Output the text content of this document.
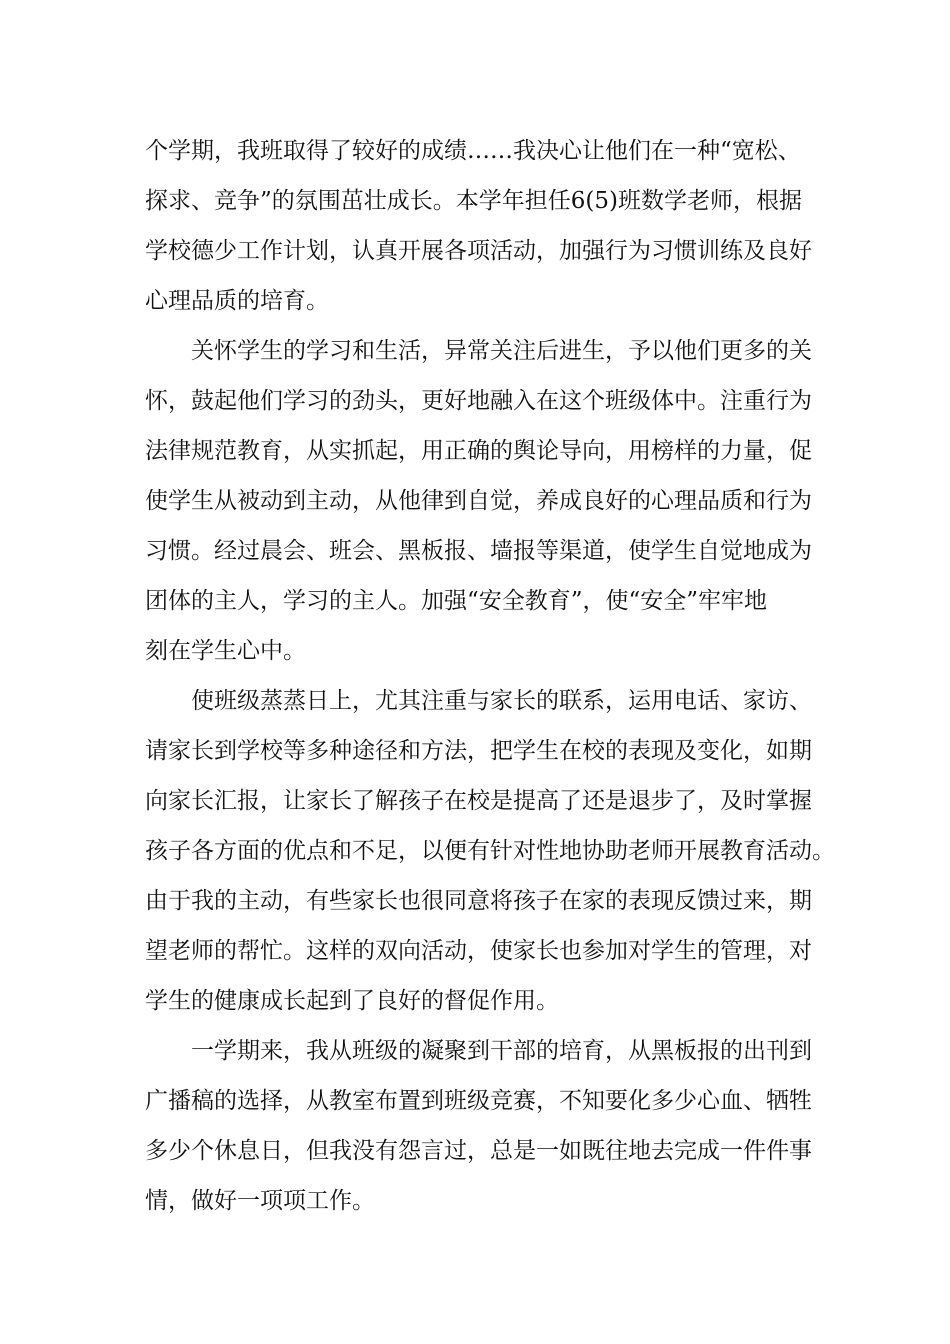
个学期，我班取得了较好的成绩……我决心让他们在一种“宽松、
探求、竞争”的氛围茁壮成长。本学年担任6(5)班数学老师，根据
学校德少工作计划，认真开展各项活动，加强行为习惯训练及良好
心理品质的培育。
　　关怀学生的学习和生活，异常关注后进生，予以他们更多的关
怀，鼓起他们学习的劲头，更好地融入在这个班级体中。注重行为
法律规范教育，从实抓起，用正确的舆论导向，用榜样的力量，促
使学生从被动到主动，从他律到自觉，养成良好的心理品质和行为
习惯。经过晨会、班会、黑板报、墙报等渠道，使学生自觉地成为
团体的主人，学习的主人。加强“安全教育”，使“安全”牢牢地
刻在学生心中。
　　使班级蒸蒸日上，尤其注重与家长的联系，运用电话、家访、
请家长到学校等多种途径和方法，把学生在校的表现及变化，如期
向家长汇报，让家长了解孩子在校是提高了还是退步了，及时掌握
孩子各方面的优点和不足，以便有针对性地协助老师开展教育活动。
由于我的主动，有些家长也很同意将孩子在家的表现反馈过来，期
望老师的帮忙。这样的双向活动，使家长也参加对学生的管理，对
学生的健康成长起到了良好的督促作用。
　　一学期来，我从班级的凝聚到干部的培育，从黑板报的出刊到
广播稿的选择，从教室布置到班级竞赛，不知要化多少心血、牺牲
多少个休息日，但我没有怨言过，总是一如既往地去完成一件件事
情，做好一项项工作。
